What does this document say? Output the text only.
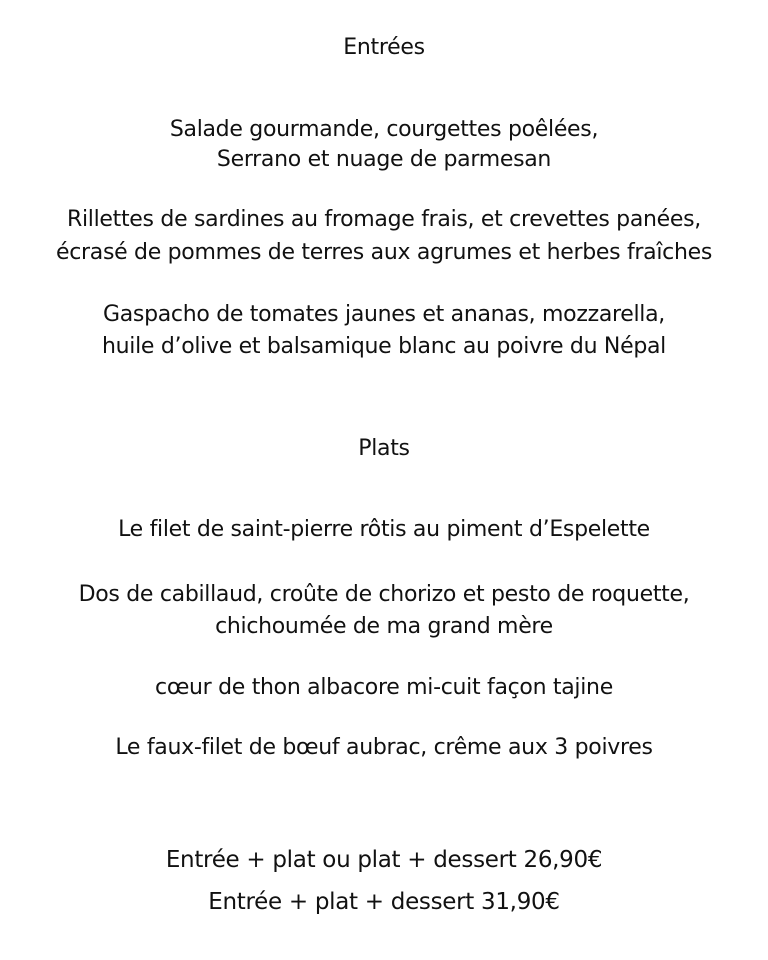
Entrées
Salade gourmande, courgettes poêlées,
Serrano et nuage de parmesan
Rillettes de sardines au fromage frais, et crevettes panées,
écrasé de pommes de terres aux agrumes et herbes fraîches
Gaspacho de tomates jaunes et ananas, mozzarella,
huile d’olive et balsamique blanc au poivre du Népal
Plats
Le filet de saint-pierre rôtis au piment d’Espelette
Dos de cabillaud, croûte de chorizo et pesto de roquette,
chichoumée de ma grand mère
cœur de thon albacore mi-cuit façon tajine
Le faux-filet de bœuf aubrac, crême aux 3 poivres
Entrée + plat ou plat + dessert 26,90€
Entrée + plat + dessert 31,90€
